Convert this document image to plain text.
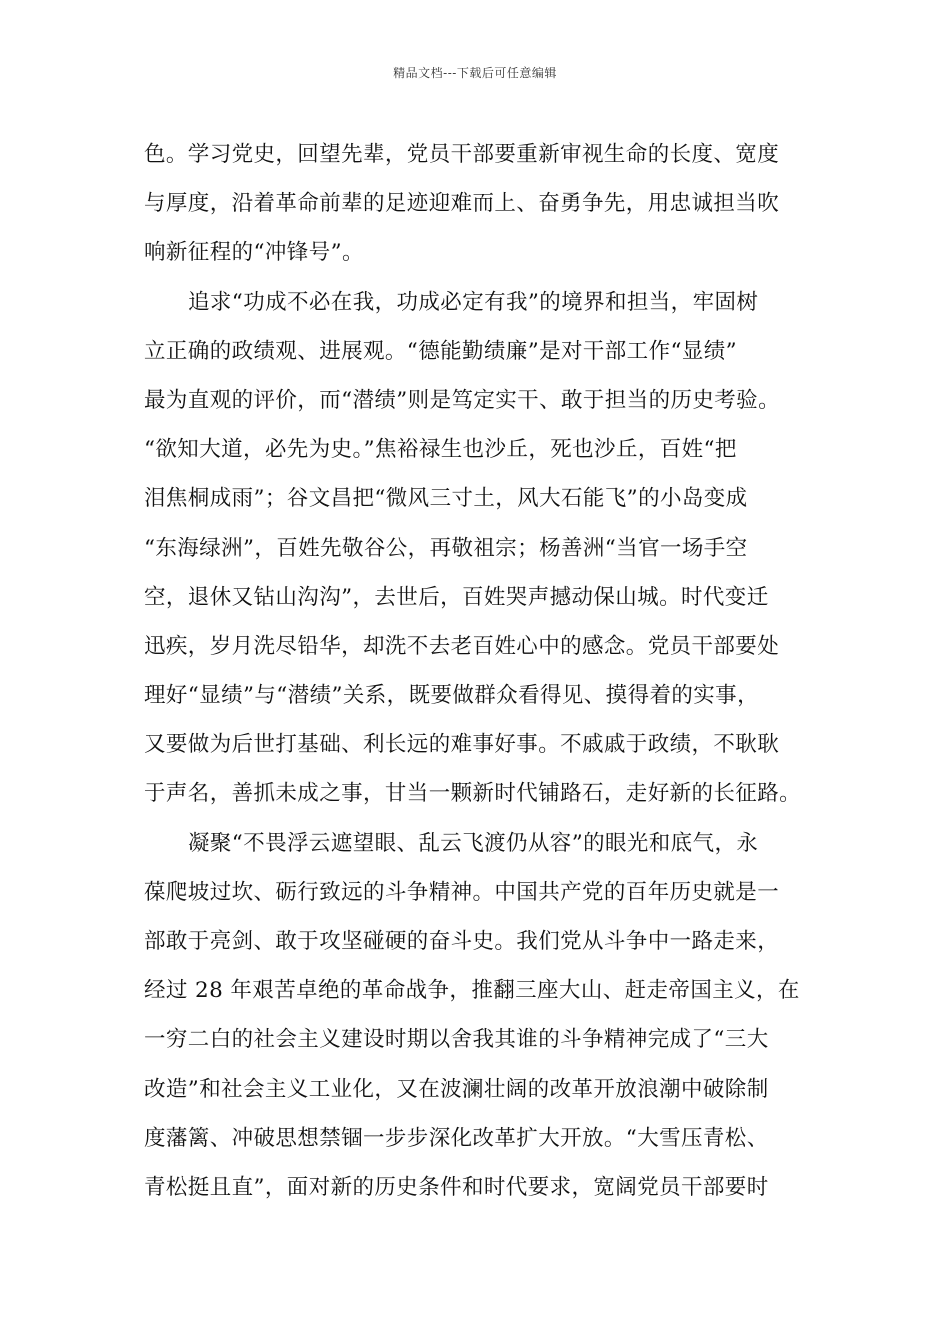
精品文档---下载后可任意编辑
色。学习党史，回望先辈，党员干部要重新审视生命的长度、宽度
与厚度，沿着革命前辈的足迹迎难而上、奋勇争先，用忠诚担当吹
响新征程的“冲锋号”。
追求“功成不必在我，功成必定有我”的境界和担当，牢固树
立正确的政绩观、进展观。“德能勤绩廉”是对干部工作“显绩”
最为直观的评价，而“潜绩”则是笃定实干、敢于担当的历史考验。
“欲知大道，必先为史。”焦裕禄生也沙丘，死也沙丘，百姓“把
泪焦桐成雨”；谷文昌把“微风三寸土，风大石能飞”的小岛变成
“东海绿洲”，百姓先敬谷公，再敬祖宗；杨善洲“当官一场手空
空，退休又钻山沟沟”，去世后，百姓哭声撼动保山城。时代变迁
迅疾，岁月洗尽铅华，却洗不去老百姓心中的感念。党员干部要处
理好“显绩”与“潜绩”关系，既要做群众看得见、摸得着的实事，
又要做为后世打基础、利长远的难事好事。不戚戚于政绩，不耿耿
于声名，善抓未成之事，甘当一颗新时代铺路石，走好新的长征路。
凝聚“不畏浮云遮望眼、乱云飞渡仍从容”的眼光和底气，永
葆爬坡过坎、砺行致远的斗争精神。中国共产党的百年历史就是一
部敢于亮剑、敢于攻坚碰硬的奋斗史。我们党从斗争中一路走来，
经过 28 年艰苦卓绝的革命战争，推翻三座大山、赶走帝国主义，在
一穷二白的社会主义建设时期以舍我其谁的斗争精神完成了“三大
改造”和社会主义工业化，又在波澜壮阔的改革开放浪潮中破除制
度藩篱、冲破思想禁锢一步步深化改革扩大开放。“大雪压青松、
青松挺且直”，面对新的历史条件和时代要求，宽阔党员干部要时
